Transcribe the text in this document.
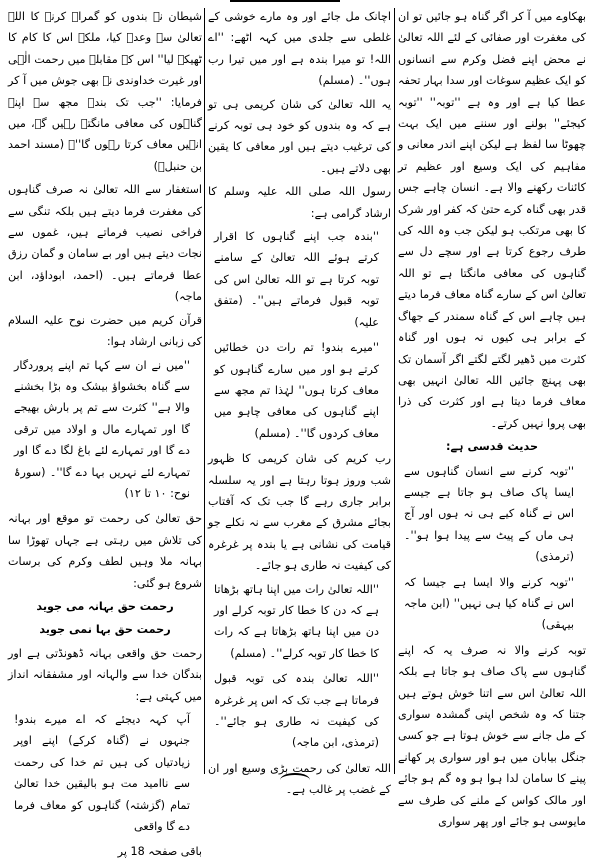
بھکاوے میں آ کر اگر گناہ ہو جائیں تو ان کی مغفرت اور صفائی کے لئے اللہ تعالیٰ نے محض اپنے فضل وکرم سے انسانوں کو ایک عظیم سوغات اور سدا بہار تحفہ عطا کیا ہے اور وہ ہے ''توبہ'' ''توبہ کیجئے'' بولنے اور سننے میں ایک بہت چھوٹا سا لفظ ہے لیکن اپنے اندر معانی و مفاہیم کی ایک وسیع اور عظیم تر کائنات رکھنے والا ہے۔ انسان چاہے جس قدر بھی گناہ کرے حتیٰ کہ کفر اور شرک کا بھی مرتکب ہو لیکن جب وہ اللہ کی طرف رجوع کرتا ہے اور سچے دل سے گناہوں کی معافی مانگتا ہے تو اللہ تعالیٰ اس کے سارے گناہ معاف فرما دیتے ہیں چاہے اس کے گناہ سمندر کے جھاگ کے برابر ہی کیوں نہ ہوں اور گناہ کثرت میں ڈھیر لگتے لگتے اگر آسمان تک بھی پہنچ جائیں اللہ تعالیٰ انہیں بھی معاف فرما دیتا ہے اور کثرت کی ذرا بھی پروا نہیں کرتے۔

حدیث قدسی ہے:

''توبہ کرنے سے انسان گناہوں سے ایسا پاک صاف ہو جاتا ہے جیسے اس نے گناہ کیے ہی نہ ہوں اور آج ہی ماں کے پیٹ سے پیدا ہوا ہو''۔ (ترمذی)

''توبہ کرنے والا ایسا ہے جیسا کہ اس نے گناہ کیا ہی نہیں'' (ابن ماجہ بیہقی)

توبہ کرنے والا نہ صرف یہ کہ اپنے گناہوں سے پاک صاف ہو جاتا ہے بلکہ اللہ تعالیٰ اس سے اتنا خوش ہوتے ہیں جتنا کہ وہ شخص اپنی گمشدہ سواری کے مل جانے سے خوش ہوتا ہے جو کسی جنگل بیابان میں ہو اور سواری پر کھانے پینے کا سامان لدا ہوا ہو وہ گم ہو جائے اور مالک کواس کے ملنے کی طرف سے مایوسی ہو جائے اور پھر سواری

اچانک مل جائے اور وہ مارے خوشی کے غلطی سے جلدی میں کہہ اٹھے: ''اے اللہ! تو میرا بندہ ہے اور میں تیرا رب ہوں''۔ (مسلم)

یہ اللہ تعالیٰ کی شان کریمی ہی تو ہے کہ وہ بندوں کو خود ہی توبہ کرنے کی ترغیب دیتے ہیں اور معافی کا یقین بھی دلاتے ہیں۔

رسول اللہ صلی اللہ علیہ وسلم کا ارشاد گرامی ہے:

''بندہ جب اپنے گناہوں کا اقرار کرتے ہوئے اللہ تعالیٰ کے سامنے توبہ کرتا ہے تو اللہ تعالیٰ اس کی توبہ قبول فرماتے ہیں''۔ (متفق علیہ)

''میرے بندو! تم رات دن خطائیں کرتے ہو اور میں سارے گناہوں کو معاف کرتا ہوں'' لہٰذا تم مجھ سے اپنے گناہوں کی معافی چاہو میں معاف کردوں گا''۔ (مسلم)

رب کریم کی شان کریمی کا ظہور شب وروز ہوتا رہتا ہے اور یہ سلسلہ برابر جاری رہے گا جب تک کہ آفتاب بجائے مشرق کے مغرب سے نہ نکلے جو قیامت کی نشانی ہے یا بندہ پر غرغرہ کی کیفیت نہ طاری ہو جائے۔

''اللہ تعالیٰ رات میں اپنا ہاتھ بڑھاتا ہے کہ دن کا خطا کار توبہ کرلے اور دن میں اپنا ہاتھ بڑھاتا ہے کہ رات کا خطا کار توبہ کرلے''۔ (مسلم)

''اللہ تعالیٰ بندہ کی توبہ قبول فرماتا ہے جب تک کہ اس پر غرغرہ کی کیفیت نہ طاری ہو جائے''۔ (ترمذی، ابن ماجہ)

اللہ تعالیٰ کی رحمت بڑی وسیع اور ان کے غضب پر غالب ہے۔

شیطان نے بندوں کو گمراہ کرنے کا اللہ تعالیٰ سے وعدہ کیا، ملکہ اس کا کام کا ٹھیکہ لیا'' اس کے مقابلے میں رحمت الٰہی اور غیرت خداوندی نے بھی جوش میں آ کر فرمایا: ''جب تک بندے مجھ سے اپنے گناہوں کی معافی مانگتے رہیں گے، میں انہیں معاف کرتا رہوں گا''۔ (مسند احمد بن حنبلؒ)

استغفار سے اللہ تعالیٰ نہ صرف گناہوں کی مغفرت فرما دیتے ہیں بلکہ تنگی سے فراخی نصیب فرماتے ہیں، غموں سے نجات دیتے ہیں اور بے سامان و گمان رزق عطا فرماتے ہیں۔ (احمد، ابوداؤد، ابن ماجہ)

قرآن کریم میں حضرت نوح علیہ السلام کی زبانی ارشاد ہوا:

''میں نے ان سے کہا تم اپنے پروردگار سے گناہ بخشواؤ بیشک وہ بڑا بخشنے والا ہے'' کثرت سے تم پر بارش بھیجے گا اور تمہارے مال و اولاد میں ترقی دے گا اور تمہارے لئے باغ لگا دے گا اور تمہارے لئے نہریں بہا دے گا''۔ (سورۂ نوح: ۱۰ تا ۱۲)

حق تعالیٰ کی رحمت تو موقع اور بہانہ کی تلاش میں رہتی ہے جہاں تھوڑا سا بہانہ ملا وہیں لطف وکرم کی برسات شروع ہو گئی:

رحمت حق بہانہ می جوید

رحمت حق بہا نمی جوید

رحمت حق واقعی بہانہ ڈھونڈتی ہے اور بندگان خدا سے والہانہ اور مشفقانہ انداز میں کہتی ہے:

آپ کہہ دیجئے کہ اے میرے بندو! جنہوں نے (گناہ کرکے) اپنے اوپر زیادتیاں کی ہیں تم خدا کی رحمت سے ناامید مت ہو بالیقین خدا تعالیٰ تمام (گزشتہ) گناہوں کو معاف فرما دے گا واقعی

باقی صفحہ 18 پر
